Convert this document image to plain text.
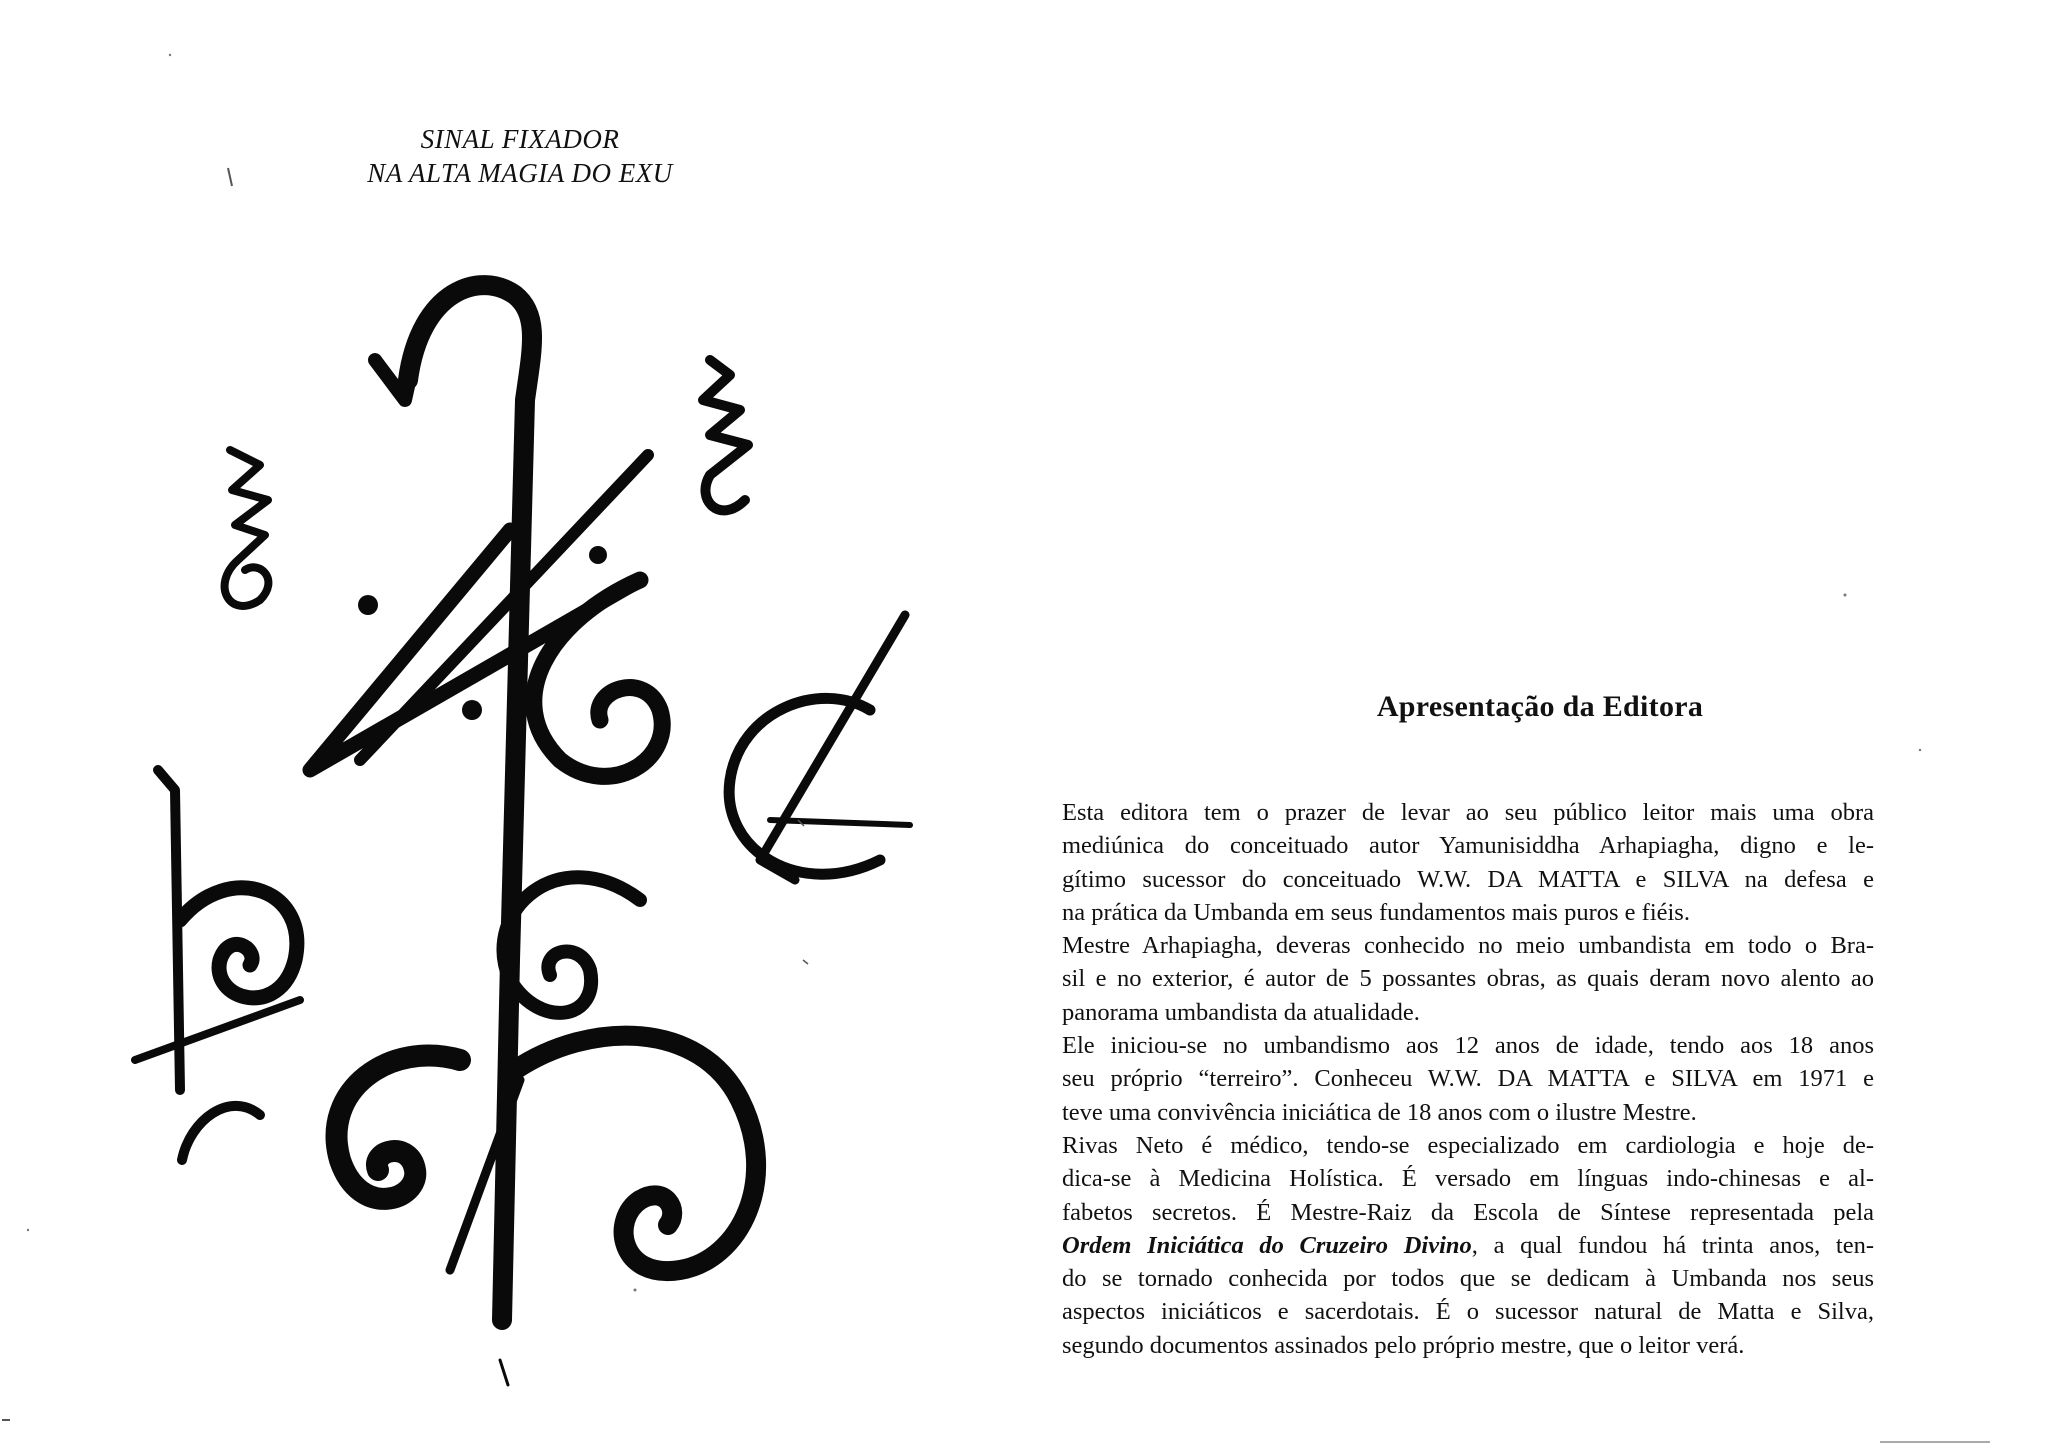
SINAL FIXADOR
NA ALTA MAGIA DO EXU
Apresentação da Editora
Esta editora tem o prazer de levar ao seu público leitor mais uma obra
mediúnica do conceituado autor Yamunisiddha Arhapiagha, digno e le-
gítimo sucessor do conceituado W.W. DA MATTA e SILVA na defesa e
na prática da Umbanda em seus fundamentos mais puros e fiéis.
Mestre Arhapiagha, deveras conhecido no meio umbandista em todo o Bra-
sil e no exterior, é autor de 5 possantes obras, as quais deram novo alento ao
panorama umbandista da atualidade.
Ele iniciou-se no umbandismo aos 12 anos de idade, tendo aos 18 anos
seu próprio “terreiro”. Conheceu W.W. DA MATTA e SILVA em 1971 e
teve uma convivência iniciática de 18 anos com o ilustre Mestre.
Rivas Neto é médico, tendo-se especializado em cardiologia e hoje de-
dica-se à Medicina Holística. É versado em línguas indo-chinesas e al-
fabetos secretos. É Mestre-Raiz da Escola de Síntese representada pela
Ordem Iniciática do Cruzeiro Divino, a qual fundou há trinta anos, ten-
do se tornado conhecida por todos que se dedicam à Umbanda nos seus
aspectos iniciáticos e sacerdotais. É o sucessor natural de Matta e Silva,
segundo documentos assinados pelo próprio mestre, que o leitor verá.
